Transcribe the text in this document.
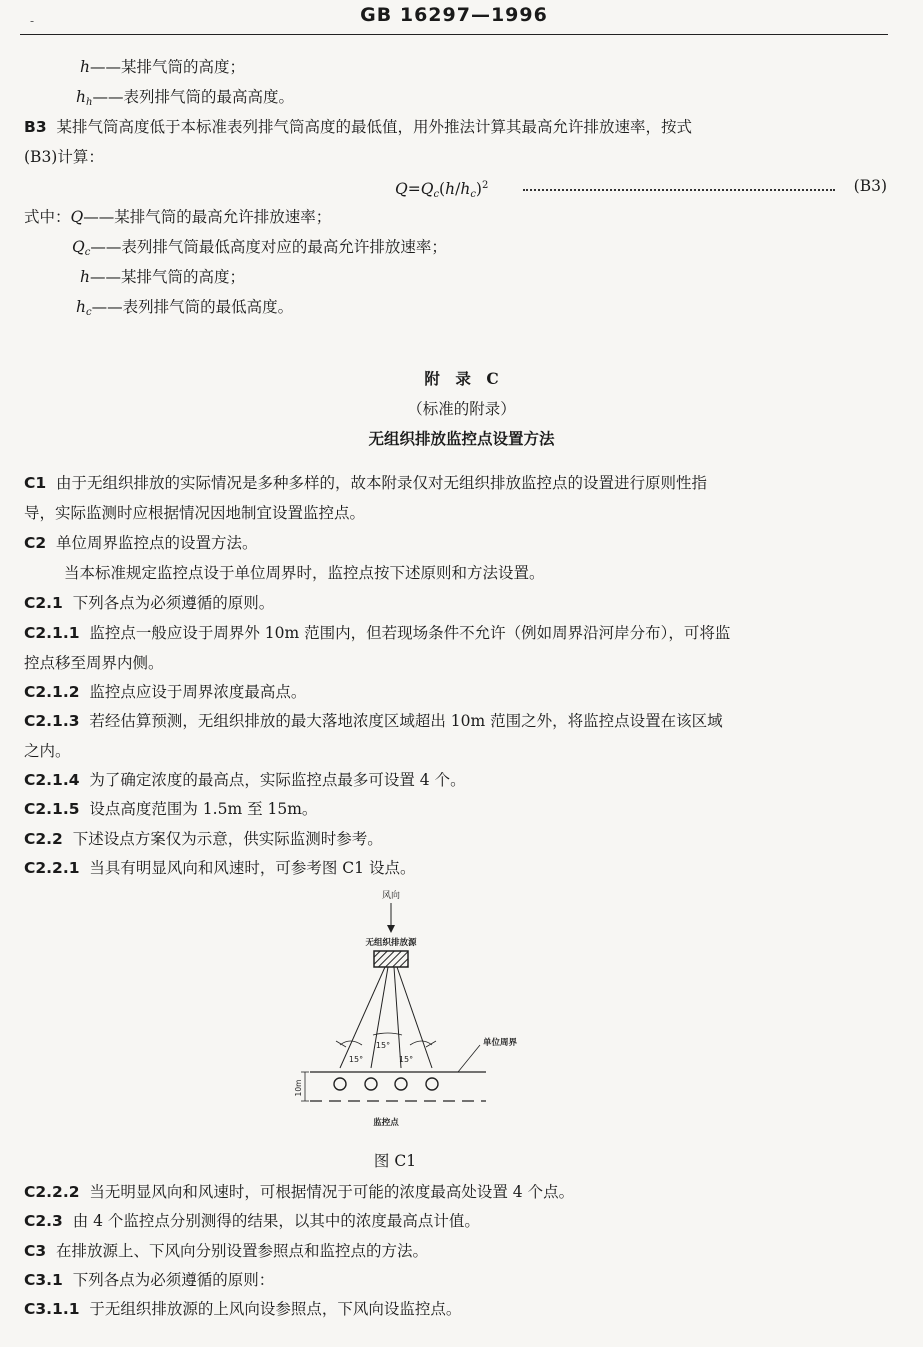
-	GB 16297—1996
h——某排气筒的高度；
$h_h——$表列排气筒的最高高度。
B3 某排气筒高度低于本标准表列排气筒高度的最低值，用外推法计算其最高允许排放速率，按式
(B3)计算：
$Q=Q_c(h/h_c)^2$	(B3)
式中：Q——某排气筒的最高允许排放速率；
$Q_c——$表列排气筒最低高度对应的最高允许排放速率；
h——某排气筒的高度；
$h_c——$表列排气筒的最低高度。
附　录　C
（标准的附录）
无组织排放监控点设置方法
C1 由于无组织排放的实际情况是多种多样的，故本附录仅对无组织排放监控点的设置进行原则性指
导，实际监测时应根据情况因地制宜设置监控点。
C2 单位周界监控点的设置方法。
当本标准规定监控点设于单位周界时，监控点按下述原则和方法设置。
C2.1 下列各点为必须遵循的原则。
C2.1.1 监控点一般应设于周界外 10m 范围内，但若现场条件不允许（例如周界沿河岸分布），可将监
控点移至周界内侧。
C2.1.2 监控点应设于周界浓度最高点。
C2.1.3 若经估算预测，无组织排放的最大落地浓度区域超出 10m 范围之外，将监控点设置在该区域
之内。
C2.1.4 为了确定浓度的最高点，实际监控点最多可设置 4 个。
C2.1.5 设点高度范围为 1.5m 至 15m。
C2.2 下述设点方案仅为示意，供实际监测时参考。
C2.2.1 当具有明显风向和风速时，可参考图 C1 设点。
风向
无组织排放源
15°
15°	15°
单位周界
10m
监控点
图 C1
C2.2.2 当无明显风向和风速时，可根据情况于可能的浓度最高处设置 4 个点。
C2.3 由 4 个监控点分别测得的结果，以其中的浓度最高点计值。
C3 在排放源上、下风向分别设置参照点和监控点的方法。
C3.1 下列各点为必须遵循的原则：
C3.1.1 于无组织排放源的上风向设参照点，下风向设监控点。
